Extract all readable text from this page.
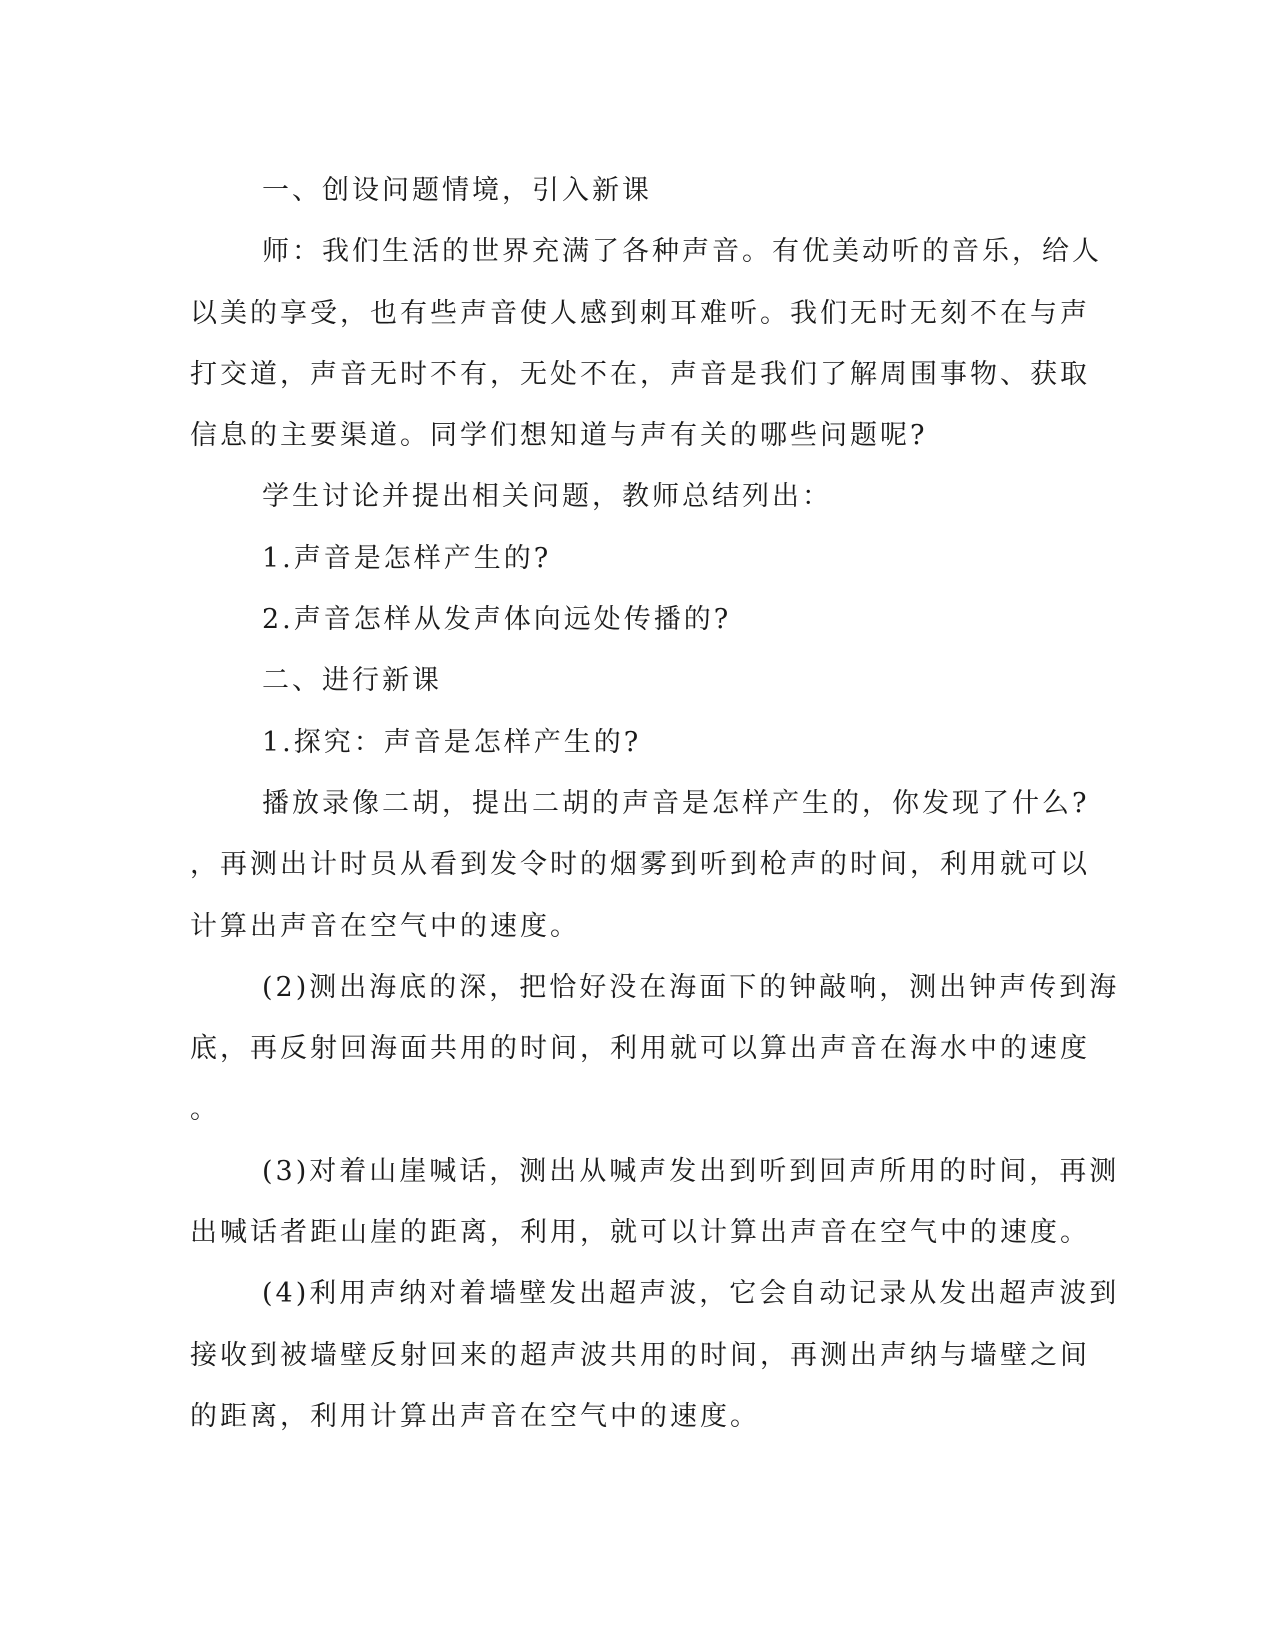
一、创设问题情境，引入新课

师：我们生活的世界充满了各种声音。有优美动听的音乐，给人

以美的享受，也有些声音使人感到刺耳难听。我们无时无刻不在与声

打交道，声音无时不有，无处不在，声音是我们了解周围事物、获取

信息的主要渠道。同学们想知道与声有关的哪些问题呢?

学生讨论并提出相关问题，教师总结列出：

1.声音是怎样产生的?

2.声音怎样从发声体向远处传播的?

二、进行新课

1.探究：声音是怎样产生的?

播放录像二胡，提出二胡的声音是怎样产生的，你发现了什么?

，再测出计时员从看到发令时的烟雾到听到枪声的时间，利用就可以

计算出声音在空气中的速度。

(2)测出海底的深，把恰好没在海面下的钟敲响，测出钟声传到海

底，再反射回海面共用的时间，利用就可以算出声音在海水中的速度

。

(3)对着山崖喊话，测出从喊声发出到听到回声所用的时间，再测

出喊话者距山崖的距离，利用，就可以计算出声音在空气中的速度。

(4)利用声纳对着墙壁发出超声波，它会自动记录从发出超声波到

接收到被墙壁反射回来的超声波共用的时间，再测出声纳与墙壁之间

的距离，利用计算出声音在空气中的速度。
